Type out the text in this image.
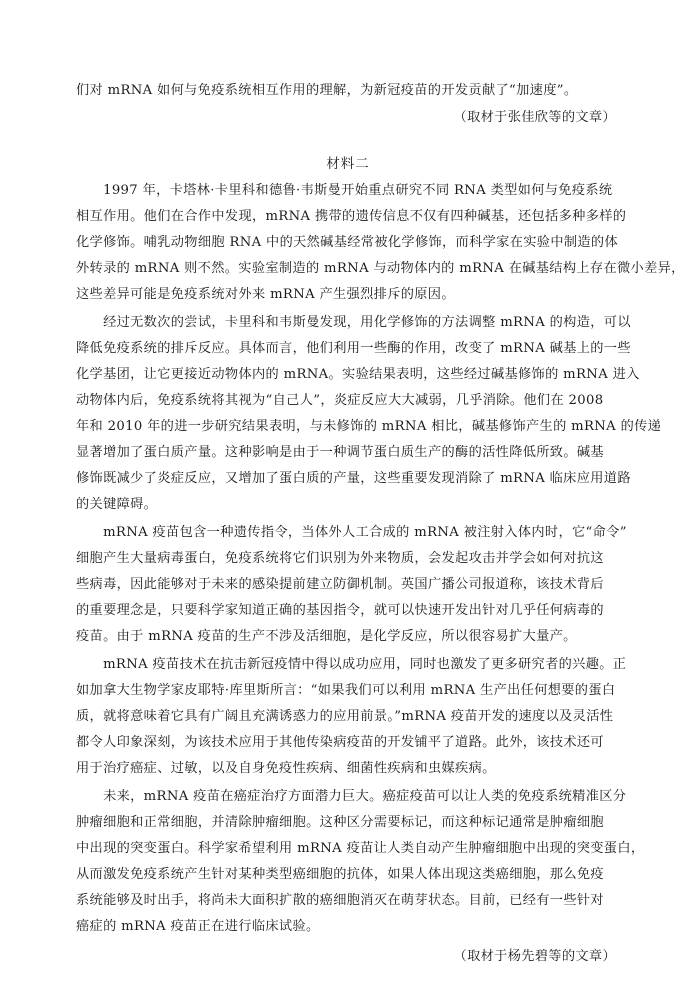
们对 mRNA 如何与免疫系统相互作用的理解，为新冠疫苗的开发贡献了“加速度”。
（取材于张佳欣等的文章）
材料二
　　1997 年，卡塔林·卡里科和德鲁·韦斯曼开始重点研究不同 RNA 类型如何与免疫系统
相互作用。他们在合作中发现，mRNA 携带的遗传信息不仅有四种碱基，还包括多种多样的
化学修饰。哺乳动物细胞 RNA 中的天然碱基经常被化学修饰，而科学家在实验中制造的体
外转录的 mRNA 则不然。实验室制造的 mRNA 与动物体内的 mRNA 在碱基结构上存在微小差异，
这些差异可能是免疫系统对外来 mRNA 产生强烈排斥的原因。
　　经过无数次的尝试，卡里科和韦斯曼发现，用化学修饰的方法调整 mRNA 的构造，可以
降低免疫系统的排斥反应。具体而言，他们利用一些酶的作用，改变了 mRNA 碱基上的一些
化学基团，让它更接近动物体内的 mRNA。实验结果表明，这些经过碱基修饰的 mRNA 进入
动物体内后，免疫系统将其视为“自己人”，炎症反应大大减弱，几乎消除。他们在 2008
年和 2010 年的进一步研究结果表明，与未修饰的 mRNA 相比，碱基修饰产生的 mRNA 的传递
显著增加了蛋白质产量。这种影响是由于一种调节蛋白质生产的酶的活性降低所致。碱基
修饰既减少了炎症反应，又增加了蛋白质的产量，这些重要发现消除了 mRNA 临床应用道路
的关键障碍。
　　mRNA 疫苗包含一种遗传指令，当体外人工合成的 mRNA 被注射入体内时，它“命令”
细胞产生大量病毒蛋白，免疫系统将它们识别为外来物质，会发起攻击并学会如何对抗这
些病毒，因此能够对于未来的感染提前建立防御机制。英国广播公司报道称，该技术背后
的重要理念是，只要科学家知道正确的基因指令，就可以快速开发出针对几乎任何病毒的
疫苗。由于 mRNA 疫苗的生产不涉及活细胞，是化学反应，所以很容易扩大量产。
　　mRNA 疫苗技术在抗击新冠疫情中得以成功应用，同时也激发了更多研究者的兴趣。正
如加拿大生物学家皮耶特·库里斯所言：“如果我们可以利用 mRNA 生产出任何想要的蛋白
质，就将意味着它具有广阔且充满诱惑力的应用前景。”mRNA 疫苗开发的速度以及灵活性
都令人印象深刻，为该技术应用于其他传染病疫苗的开发铺平了道路。此外，该技术还可
用于治疗癌症、过敏，以及自身免疫性疾病、细菌性疾病和虫媒疾病。
　　未来，mRNA 疫苗在癌症治疗方面潜力巨大。癌症疫苗可以让人类的免疫系统精准区分
肿瘤细胞和正常细胞，并清除肿瘤细胞。这种区分需要标记，而这种标记通常是肿瘤细胞
中出现的突变蛋白。科学家希望利用 mRNA 疫苗让人类自动产生肿瘤细胞中出现的突变蛋白，
从而激发免疫系统产生针对某种类型癌细胞的抗体，如果人体出现这类癌细胞，那么免疫
系统能够及时出手，将尚未大面积扩散的癌细胞消灭在萌芽状态。目前，已经有一些针对
癌症的 mRNA 疫苗正在进行临床试验。
（取材于杨先碧等的文章）
